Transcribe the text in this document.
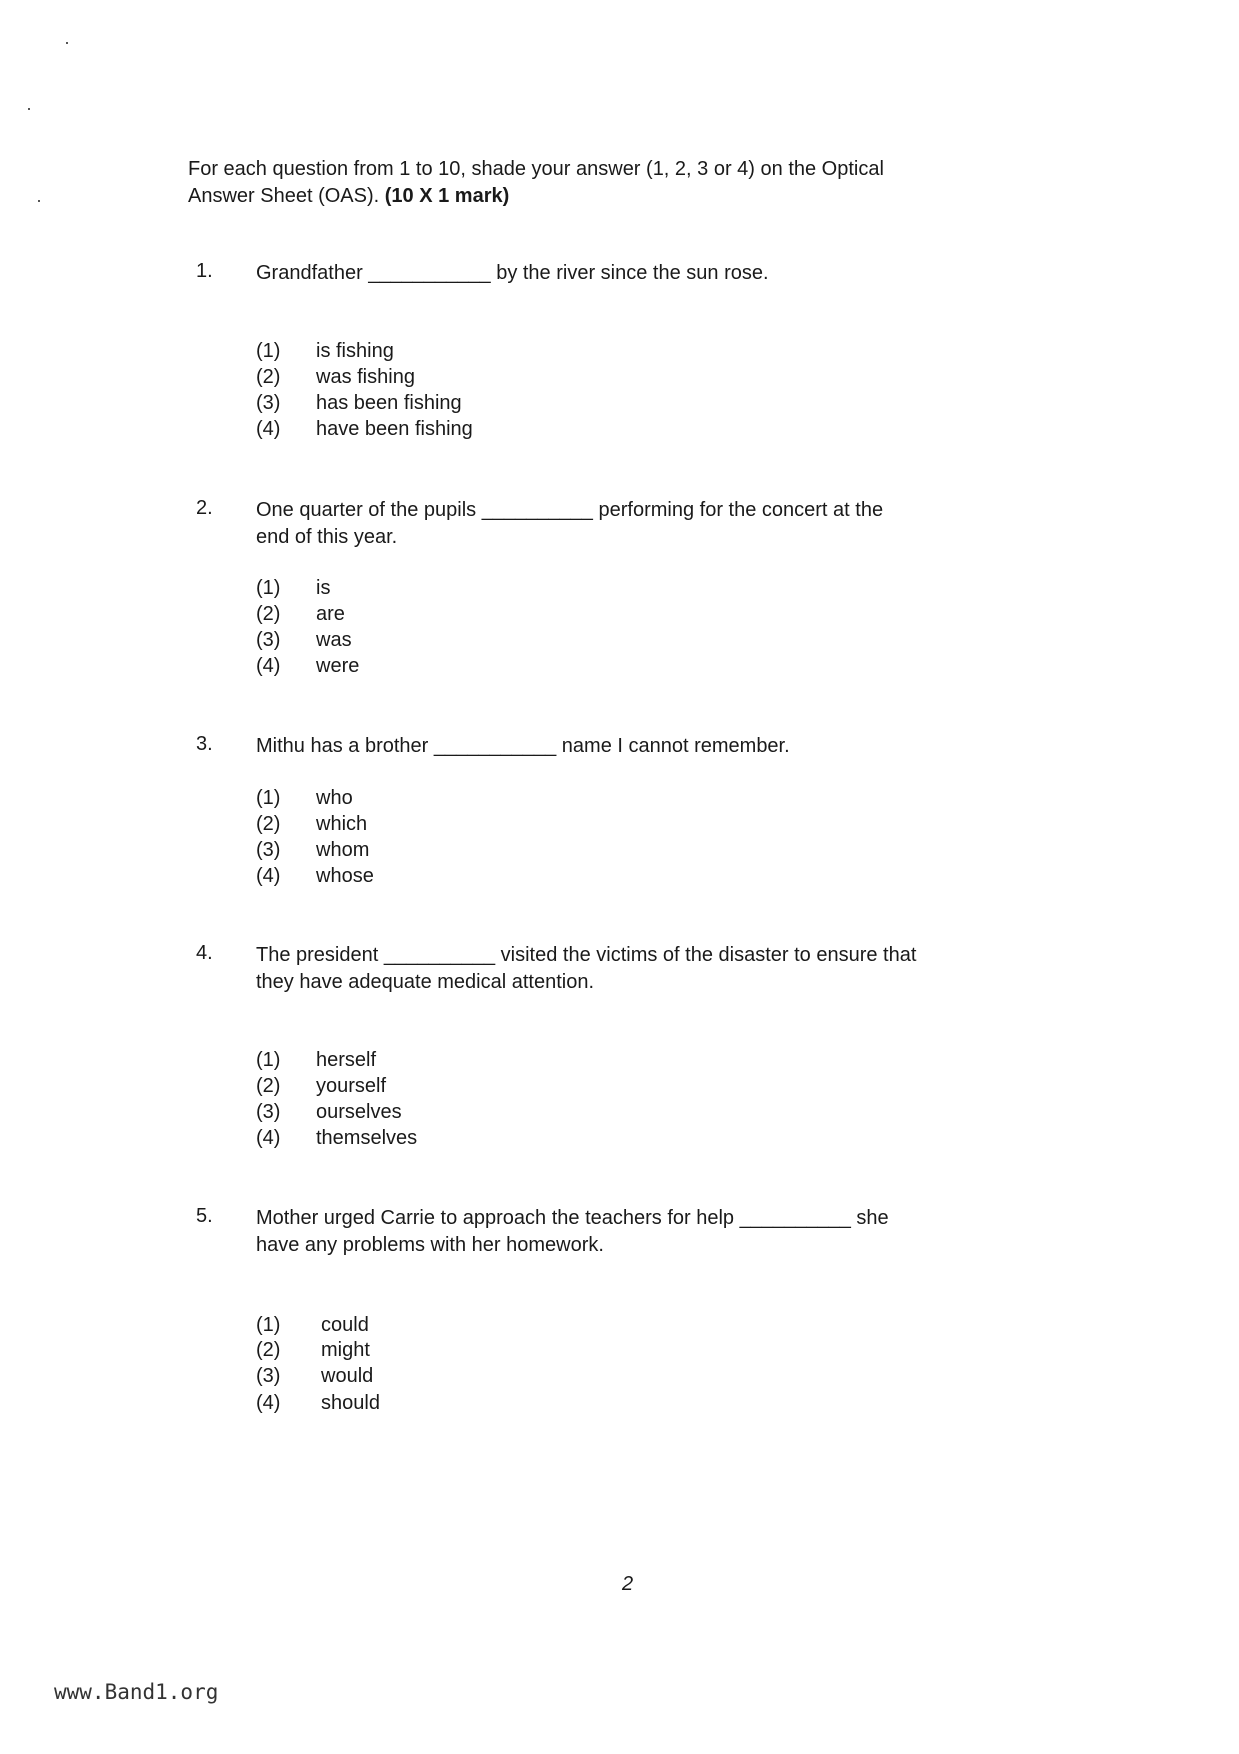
For each question from 1 to 10, shade your answer (1, 2, 3 or 4) on the Optical
Answer Sheet (OAS). (10 X 1 mark)
1. Grandfather ___________ by the river since the sun rose.
(1) is fishing
(2) was fishing
(3) has been fishing
(4) have been fishing
2. One quarter of the pupils __________ performing for the concert at the
end of this year.
(1) is
(2) are
(3) was
(4) were
3. Mithu has a brother ___________ name I cannot remember.
(1) who
(2) which
(3) whom
(4) whose
4. The president __________ visited the victims of the disaster to ensure that
they have adequate medical attention.
(1) herself
(2) yourself
(3) ourselves
(4) themselves
5. Mother urged Carrie to approach the teachers for help __________ she
have any problems with her homework.
(1) could
(2) might
(3) would
(4) should
2
www.Band1.org
